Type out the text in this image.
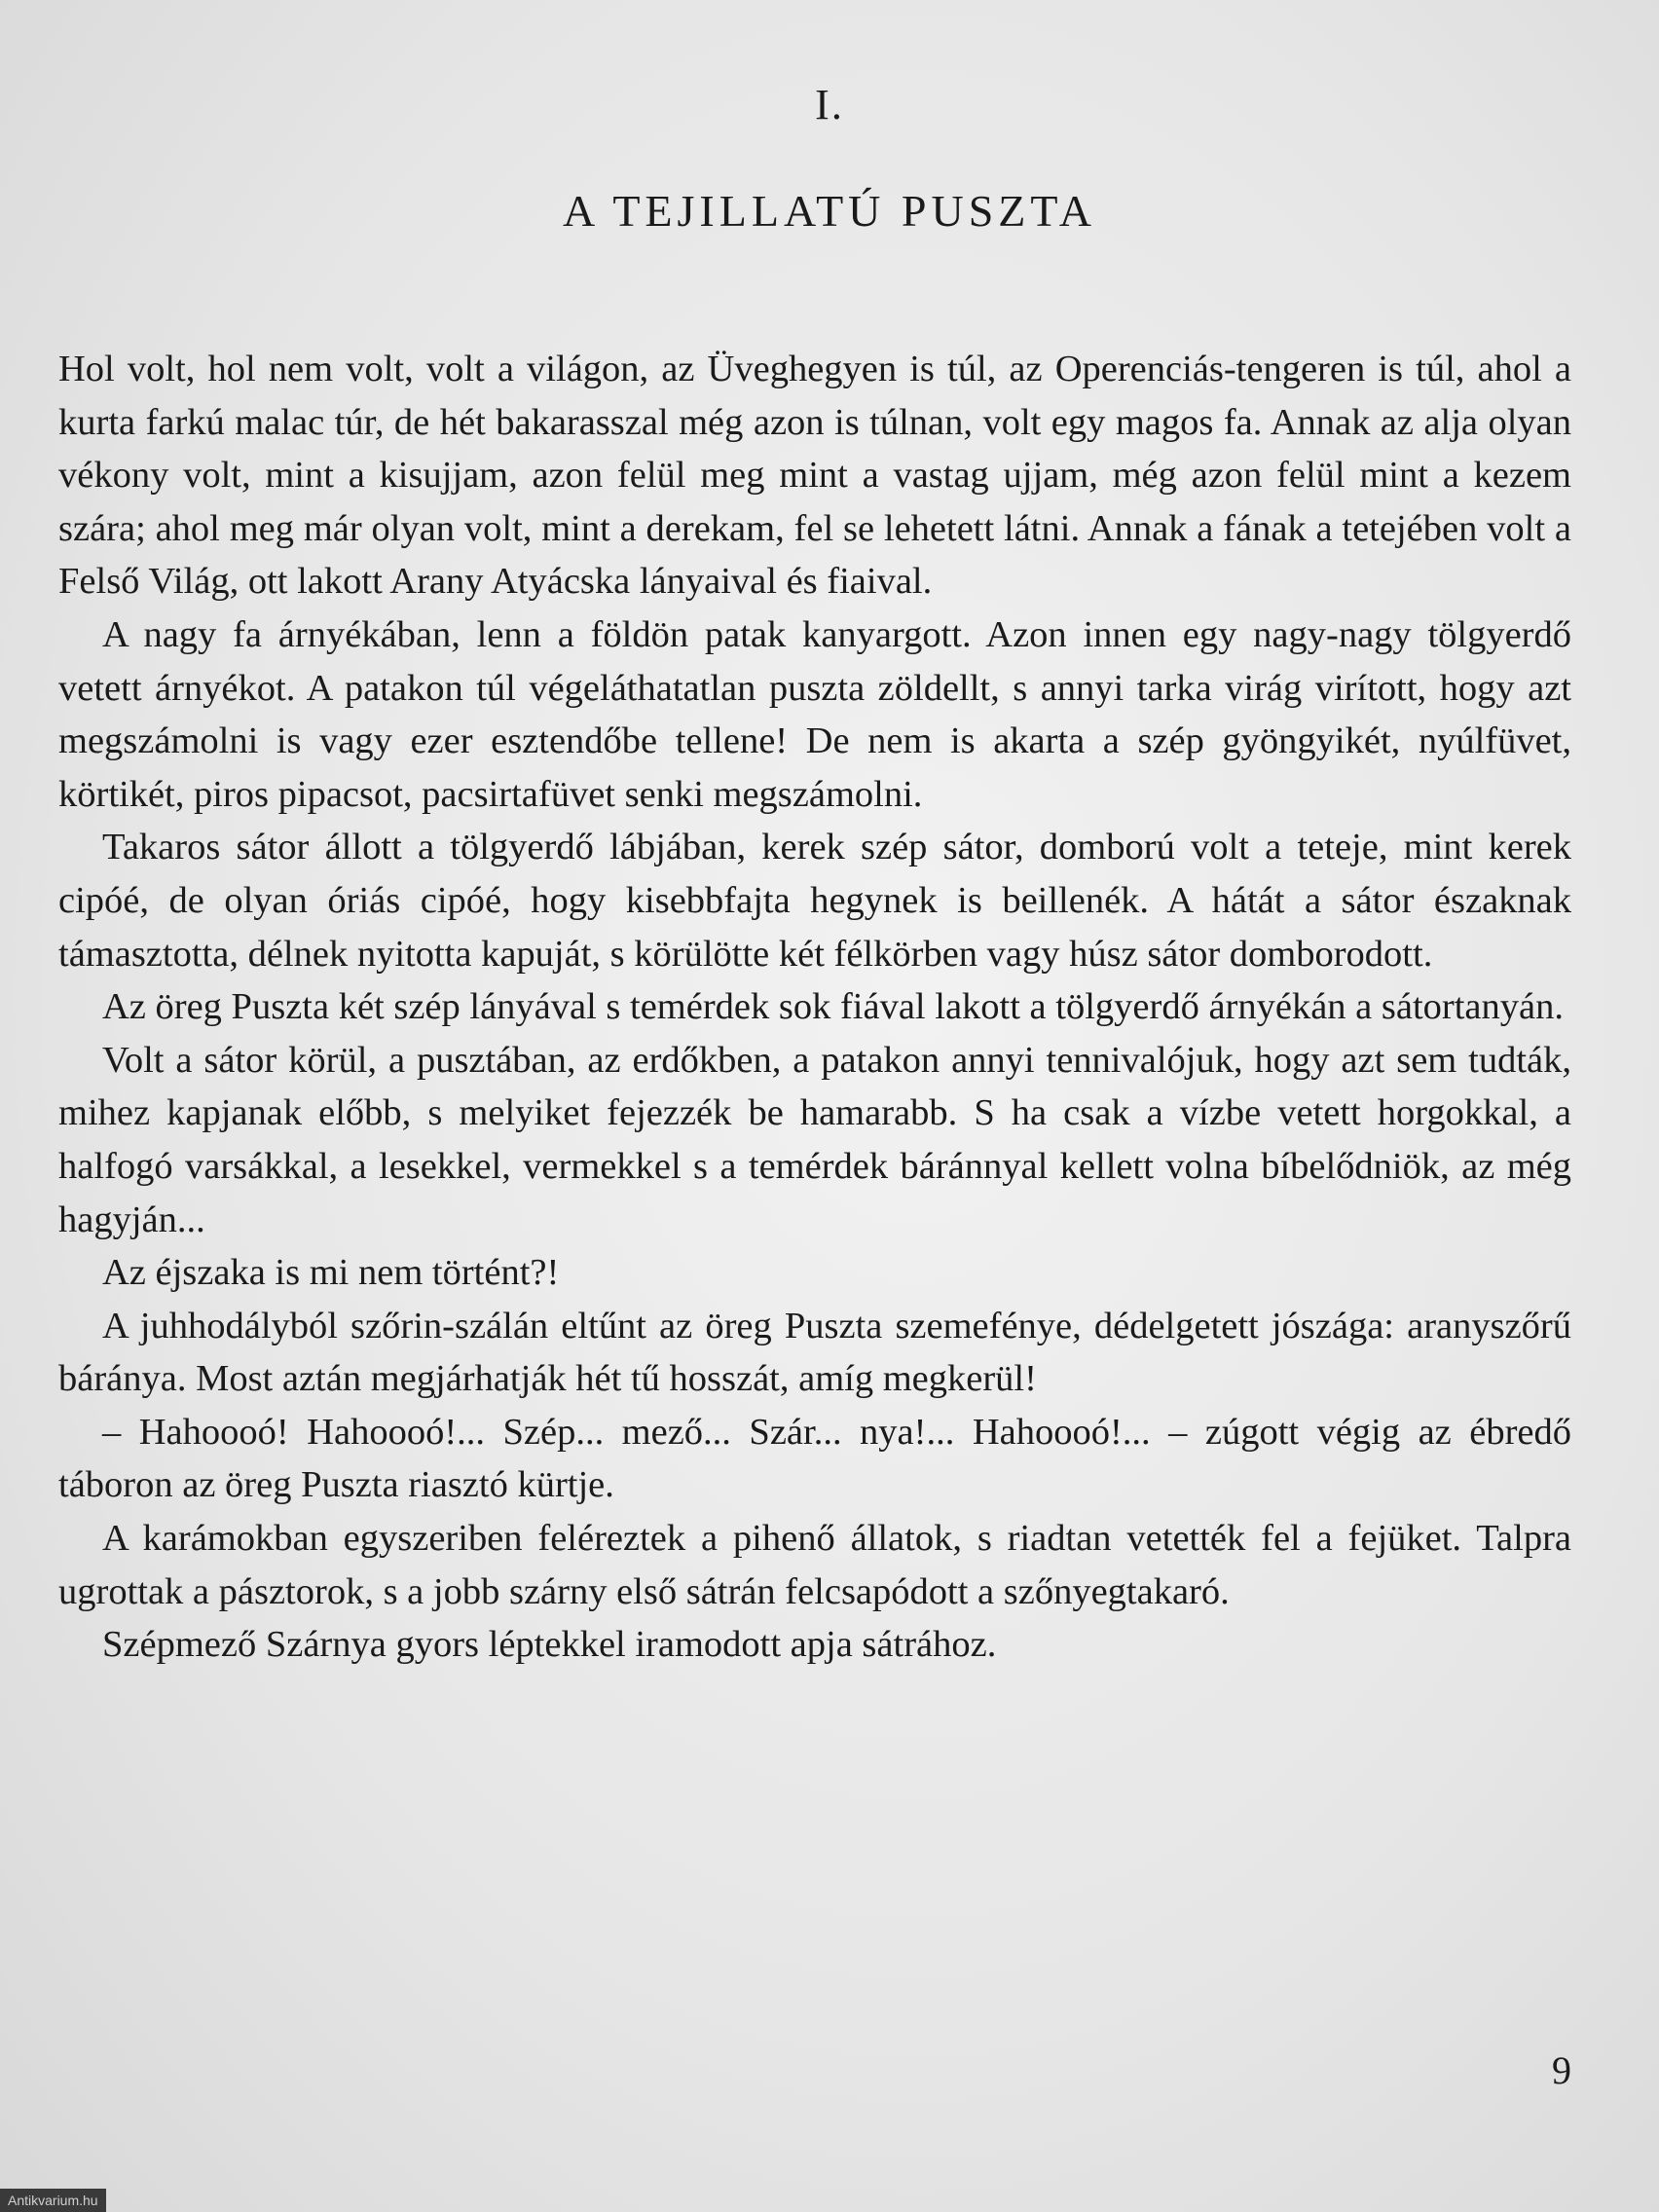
I.
A TEJILLATÚ PUSZTA

Hol volt, hol nem volt, volt a világon, az Üveghegyen is túl, az Operenciás-tengeren is túl, ahol a kurta farkú malac túr, de hét bakarasszal még azon is túlnan, volt egy magos fa. Annak az alja olyan vékony volt, mint a kisujjam, azon felül meg mint a vastag ujjam, még azon felül mint a kezem szára; ahol meg már olyan volt, mint a derekam, fel se lehetett látni. Annak a fának a tetejében volt a Felső Világ, ott lakott Arany Atyácska lányaival és fiaival.

A nagy fa árnyékában, lenn a földön patak kanyargott. Azon innen egy nagy-nagy tölgyerdő vetett árnyékot. A patakon túl végeláthatatlan puszta zöldellt, s annyi tarka virág virított, hogy azt megszámolni is vagy ezer esztendőbe tellene! De nem is akarta a szép gyöngyikét, nyúlfüvet, körtikét, piros pipacsot, pacsirtafüvet senki megszámolni.

Takaros sátor állott a tölgyerdő lábjában, kerek szép sátor, domború volt a teteje, mint kerek cipóé, de olyan óriás cipóé, hogy kisebbfajta hegynek is beillenék. A hátát a sátor északnak támasztotta, délnek nyitotta kapuját, s körülötte két félkörben vagy húsz sátor domborodott.

Az öreg Puszta két szép lányával s temérdek sok fiával lakott a tölgyerdő árnyékán a sátortanyán.

Volt a sátor körül, a pusztában, az erdőkben, a patakon annyi tennivalójuk, hogy azt sem tudták, mihez kapjanak előbb, s melyiket fejezzék be hamarabb. S ha csak a vízbe vetett horgokkal, a halfogó varsákkal, a lesekkel, vermekkel s a temérdek báránnyal kellett volna bíbelődniök, az még hagyján...

Az éjszaka is mi nem történt?!

A juhhodályból szőrin-szálán eltűnt az öreg Puszta szemefénye, dédelgetett jószága: aranyszőrű báránya. Most aztán megjárhatják hét tű hosszát, amíg megkerül!

– Hahoooó! Hahoooó!... Szép... mező... Szár... nya!... Hahoooó!... – zúgott végig az ébredő táboron az öreg Puszta riasztó kürtje.

A karámokban egyszeriben feléreztek a pihenő állatok, s riadtan vetették fel a fejüket. Talpra ugrottak a pásztorok, s a jobb szárny első sátrán felcsapódott a szőnyegtakaró.

Szépmező Szárnya gyors léptekkel iramodott apja sátrához.

9
Antikvarium.hu
